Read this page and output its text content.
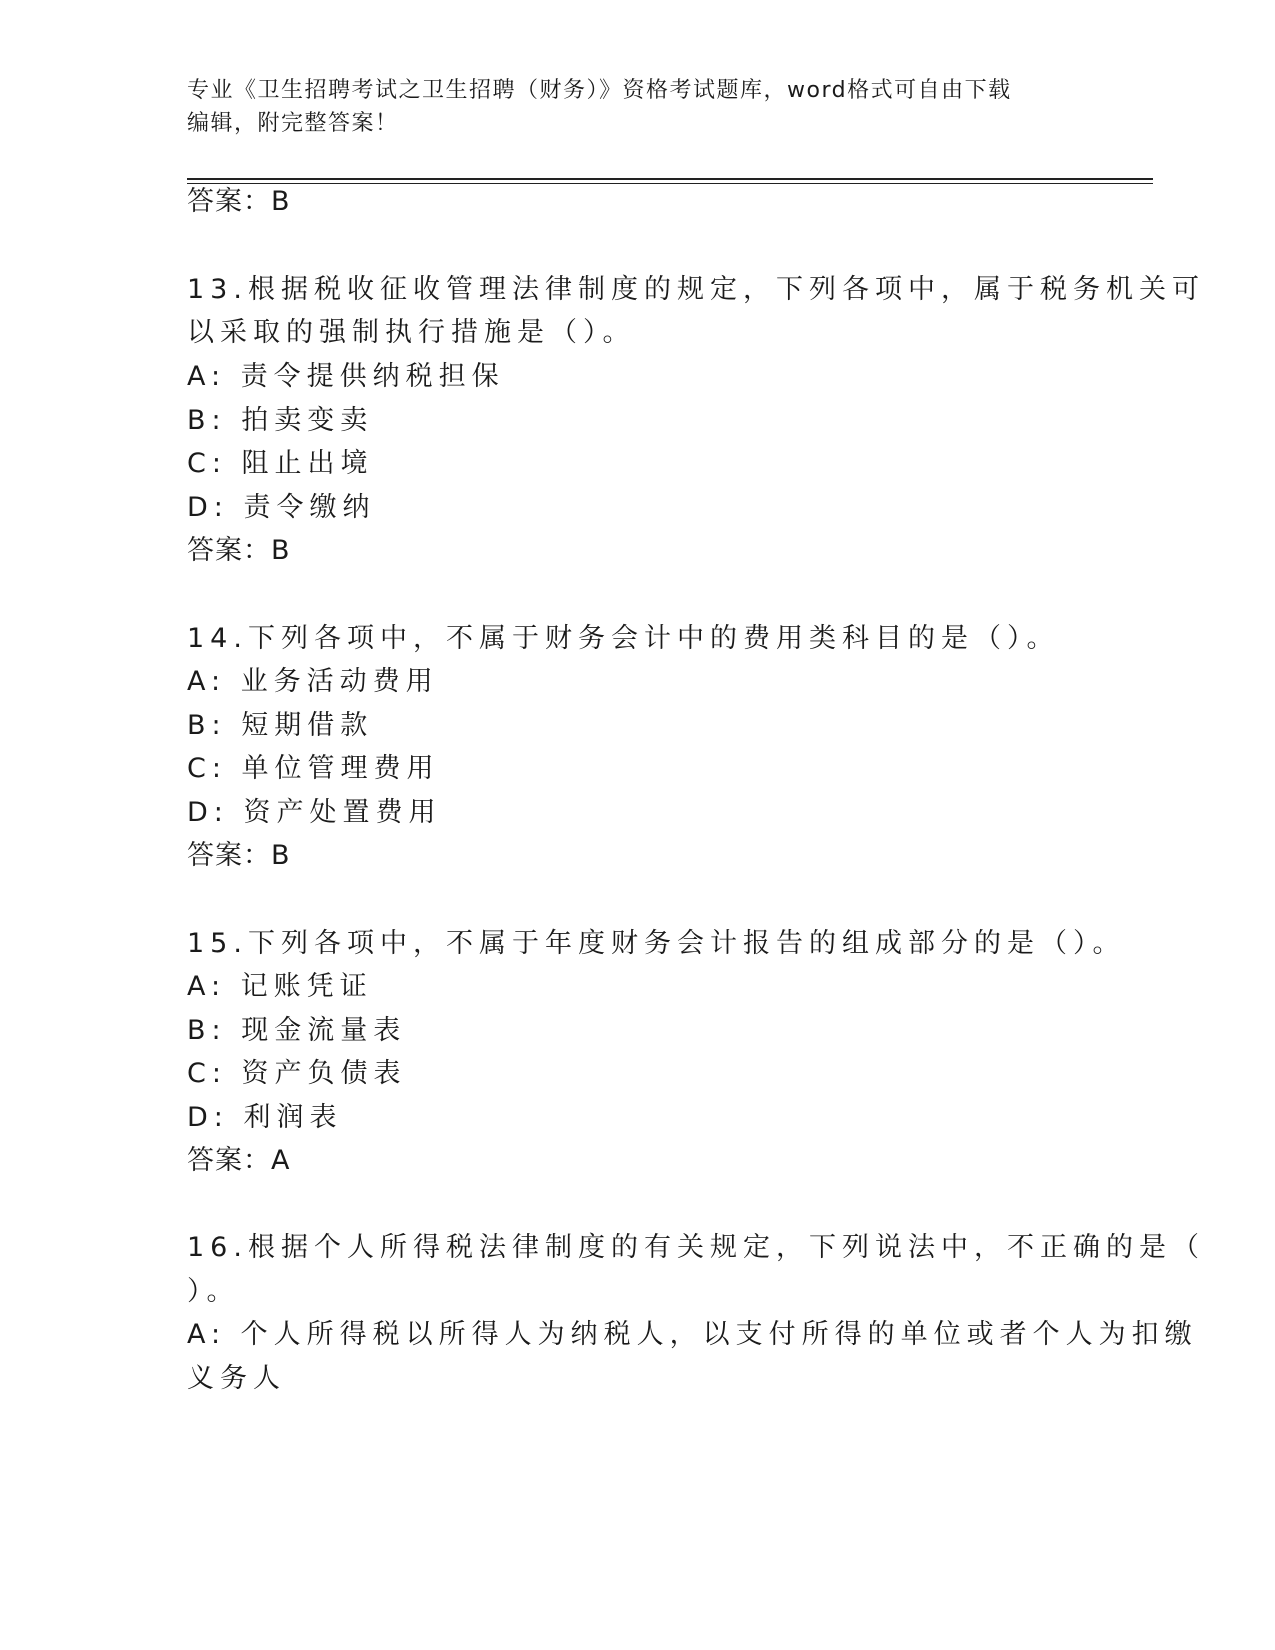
专业《卫生招聘考试之卫生招聘（财务）》资格考试题库，word格式可自由下载
编辑，附完整答案！
答案：B
13.根据税收征收管理法律制度的规定，下列各项中，属于税务机关可
以采取的强制执行措施是（）。
A: 责令提供纳税担保
B: 拍卖变卖
C: 阻止出境
D: 责令缴纳
答案：B
14.下列各项中，不属于财务会计中的费用类科目的是（）。
A: 业务活动费用
B: 短期借款
C: 单位管理费用
D: 资产处置费用
答案：B
15.下列各项中，不属于年度财务会计报告的组成部分的是（）。
A: 记账凭证
B: 现金流量表
C: 资产负债表
D: 利润表
答案：A
16.根据个人所得税法律制度的有关规定，下列说法中，不正确的是（
）。
A: 个人所得税以所得人为纳税人，以支付所得的单位或者个人为扣缴
义务人
